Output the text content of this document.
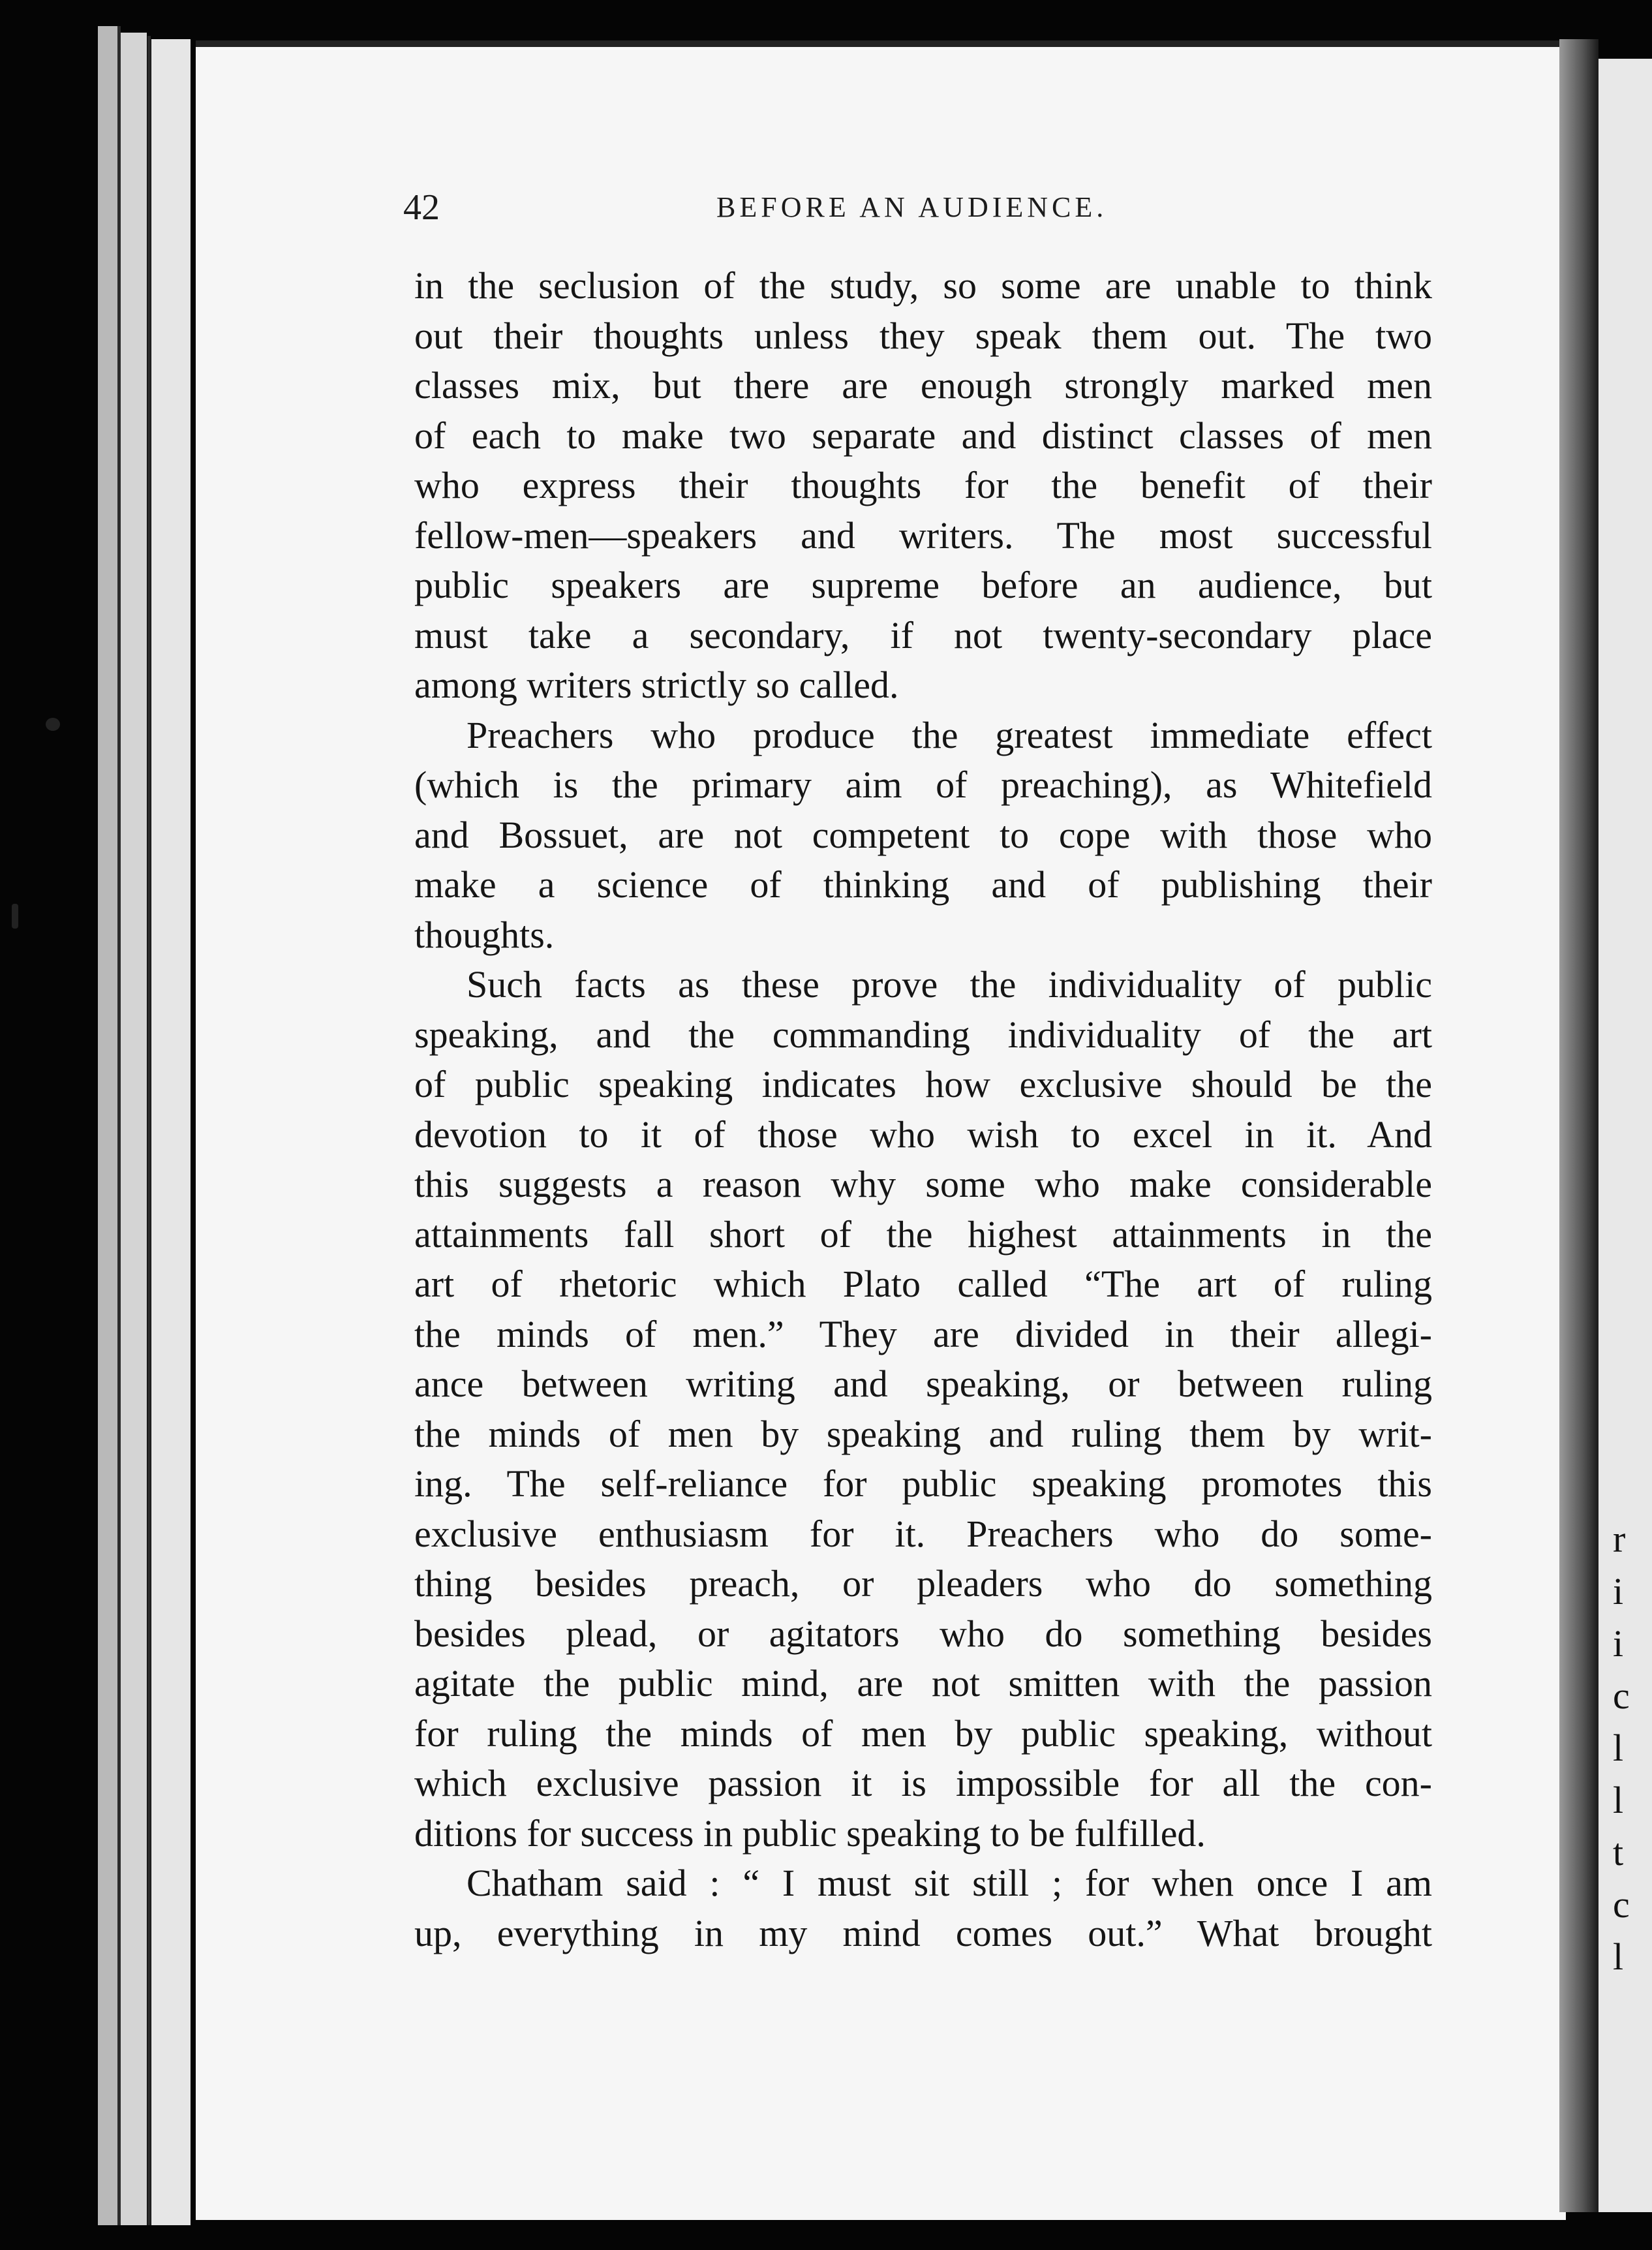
r
i
i
c
l
l
t
c
l
42	BEFORE AN AUDIENCE.
in the seclusion of the study, so some are unable to think
out their thoughts unless they speak them out. The two
classes mix, but there are enough strongly marked men
of each to make two separate and distinct classes of men
who express their thoughts for the benefit of their
fellow-men—speakers and writers. The most successful
public speakers are supreme before an audience, but
must take a secondary, if not twenty-secondary place
among writers strictly so called.
Preachers who produce the greatest immediate effect
(which is the primary aim of preaching), as Whitefield
and Bossuet, are not competent to cope with those who
make a science of thinking and of publishing their
thoughts.
Such facts as these prove the individuality of public
speaking, and the commanding individuality of the art
of public speaking indicates how exclusive should be the
devotion to it of those who wish to excel in it. And
this suggests a reason why some who make considerable
attainments fall short of the highest attainments in the
art of rhetoric which Plato called “The art of ruling
the minds of men.” They are divided in their allegi-
ance between writing and speaking, or between ruling
the minds of men by speaking and ruling them by writ-
ing. The self-reliance for public speaking promotes this
exclusive enthusiasm for it. Preachers who do some-
thing besides preach, or pleaders who do something
besides plead, or agitators who do something besides
agitate the public mind, are not smitten with the passion
for ruling the minds of men by public speaking, without
which exclusive passion it is impossible for all the con-
ditions for success in public speaking to be fulfilled.
Chatham said : “ I must sit still ; for when once I am
up, everything in my mind comes out.” What brought
